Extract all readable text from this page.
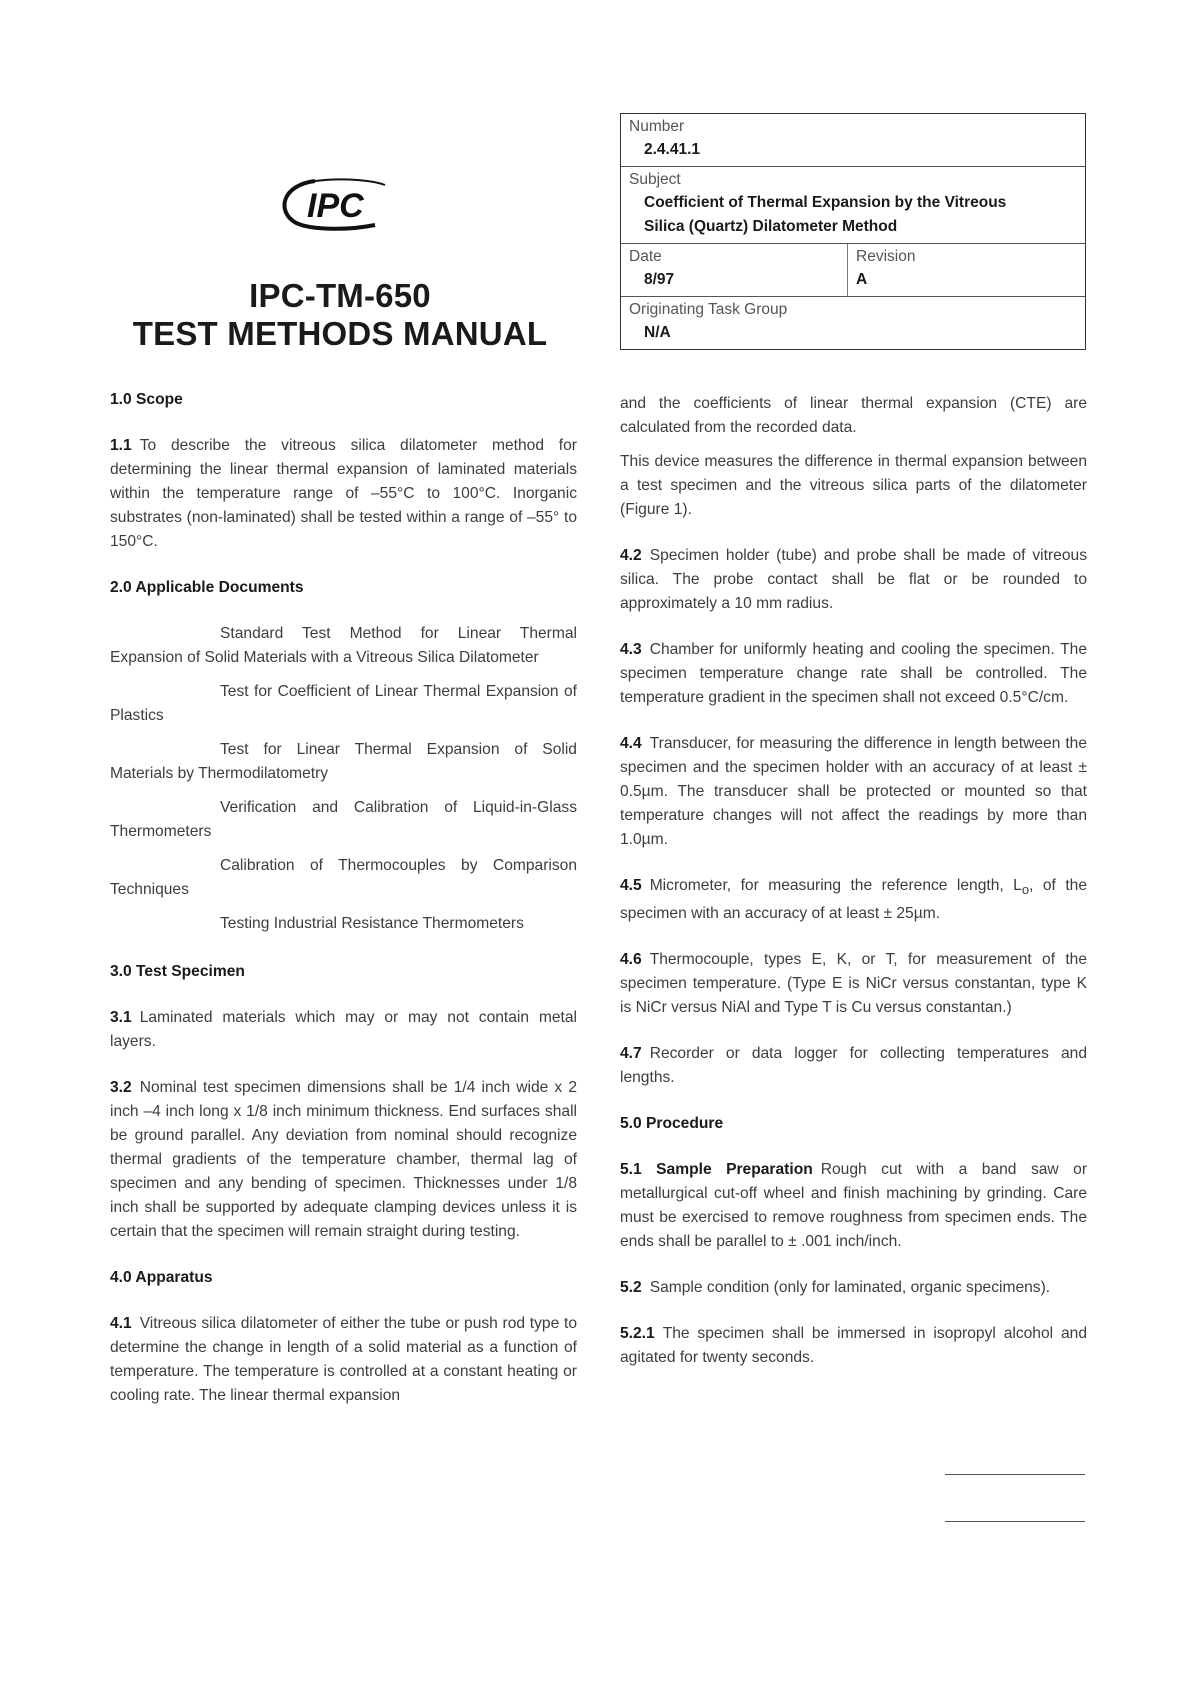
IPC
IPC-TM-650
TEST METHODS MANUAL
Number
2.4.41.1
Subject
Coefficient of Thermal Expansion by the Vitreous
Silica (Quartz) Dilatometer Method
Date
8/97
Revision
A
Originating Task Group
N/A
1.0 Scope

1.1 To describe the vitreous silica dilatometer method for determining the linear thermal expansion of laminated materials within the temperature range of –55°C to 100°C. Inorganic substrates (non-laminated) shall be tested within a range of –55° to 150°C.

2.0 Applicable Documents

Standard Test Method for Linear Thermal Expansion of Solid Materials with a Vitreous Silica Dilatometer

Test for Coefficient of Linear Thermal Expansion of Plastics

Test for Linear Thermal Expansion of Solid Materials by Thermodilatometry

Verification and Calibration of Liquid-in-Glass Thermometers

Calibration of Thermocouples by Comparison Techniques

Testing Industrial Resistance Thermometers

3.0 Test Specimen

3.1 Laminated materials which may or may not contain metal layers.

3.2 Nominal test specimen dimensions shall be 1/4 inch wide x 2 inch –4 inch long x 1/8 inch minimum thickness. End surfaces shall be ground parallel. Any deviation from nominal should recognize thermal gradients of the temperature chamber, thermal lag of specimen and any bending of specimen. Thicknesses under 1/8 inch shall be supported by adequate clamping devices unless it is certain that the specimen will remain straight during testing.

4.0 Apparatus

4.1 Vitreous silica dilatometer of either the tube or push rod type to determine the change in length of a solid material as a function of temperature. The temperature is controlled at a constant heating or cooling rate. The linear thermal expansion

and the coefficients of linear thermal expansion (CTE) are calculated from the recorded data.

This device measures the difference in thermal expansion between a test specimen and the vitreous silica parts of the dilatometer (Figure 1).

4.2 Specimen holder (tube) and probe shall be made of vitreous silica. The probe contact shall be flat or be rounded to approximately a 10 mm radius.

4.3 Chamber for uniformly heating and cooling the specimen. The specimen temperature change rate shall be controlled. The temperature gradient in the specimen shall not exceed 0.5°C/cm.

4.4 Transducer, for measuring the difference in length between the specimen and the specimen holder with an accuracy of at least ± 0.5µm. The transducer shall be protected or mounted so that temperature changes will not affect the readings by more than 1.0µm.

4.5 Micrometer, for measuring the reference length, $L_o$, of the specimen with an accuracy of at least ± 25µm.

4.6 Thermocouple, types E, K, or T, for measurement of the specimen temperature. (Type E is NiCr versus constantan, type K is NiCr versus NiAl and Type T is Cu versus constantan.)

4.7 Recorder or data logger for collecting temperatures and lengths.

5.0 Procedure

5.1 Sample Preparation Rough cut with a band saw or metallurgical cut-off wheel and finish machining by grinding. Care must be exercised to remove roughness from specimen ends. The ends shall be parallel to ± .001 inch/inch.

5.2 Sample condition (only for laminated, organic specimens).

5.2.1 The specimen shall be immersed in isopropyl alcohol and agitated for twenty seconds.
